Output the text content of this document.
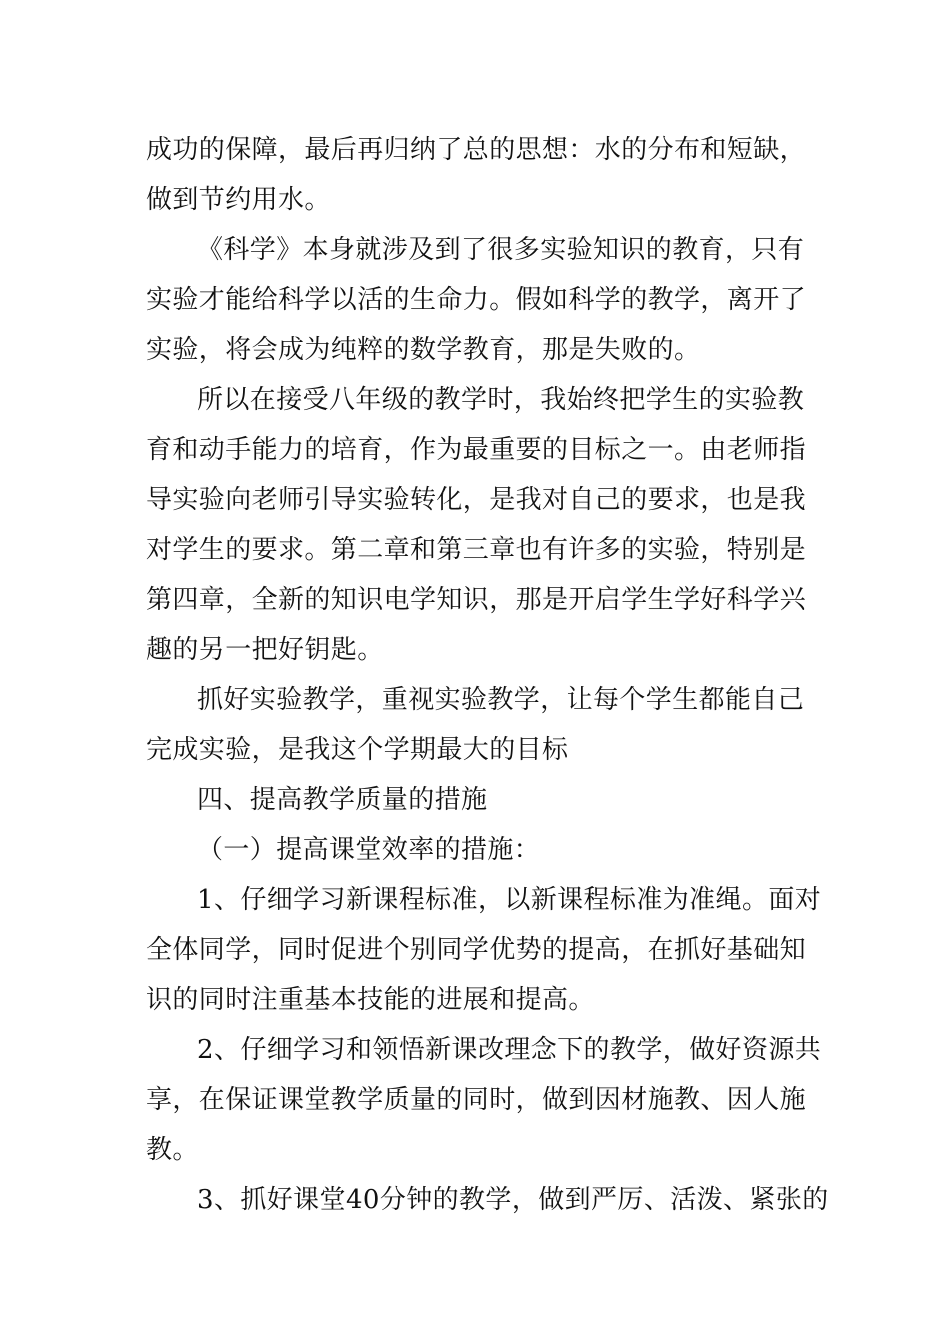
成功的保障，最后再归纳了总的思想：水的分布和短缺，
做到节约用水。
《科学》本身就涉及到了很多实验知识的教育，只有
实验才能给科学以活的生命力。假如科学的教学，离开了
实验，将会成为纯粹的数学教育，那是失败的。
所以在接受八年级的教学时，我始终把学生的实验教
育和动手能力的培育，作为最重要的目标之一。由老师指
导实验向老师引导实验转化，是我对自己的要求，也是我
对学生的要求。第二章和第三章也有许多的实验，特别是
第四章，全新的知识电学知识，那是开启学生学好科学兴
趣的另一把好钥匙。
抓好实验教学，重视实验教学，让每个学生都能自己
完成实验，是我这个学期最大的目标
四、提高教学质量的措施
（一）提高课堂效率的措施：
1、仔细学习新课程标准，以新课程标准为准绳。面对
全体同学，同时促进个别同学优势的提高，在抓好基础知
识的同时注重基本技能的进展和提高。
2、仔细学习和领悟新课改理念下的教学，做好资源共
享，在保证课堂教学质量的同时，做到因材施教、因人施
教。
3、抓好课堂40分钟的教学，做到严厉、活泼、紧张的
